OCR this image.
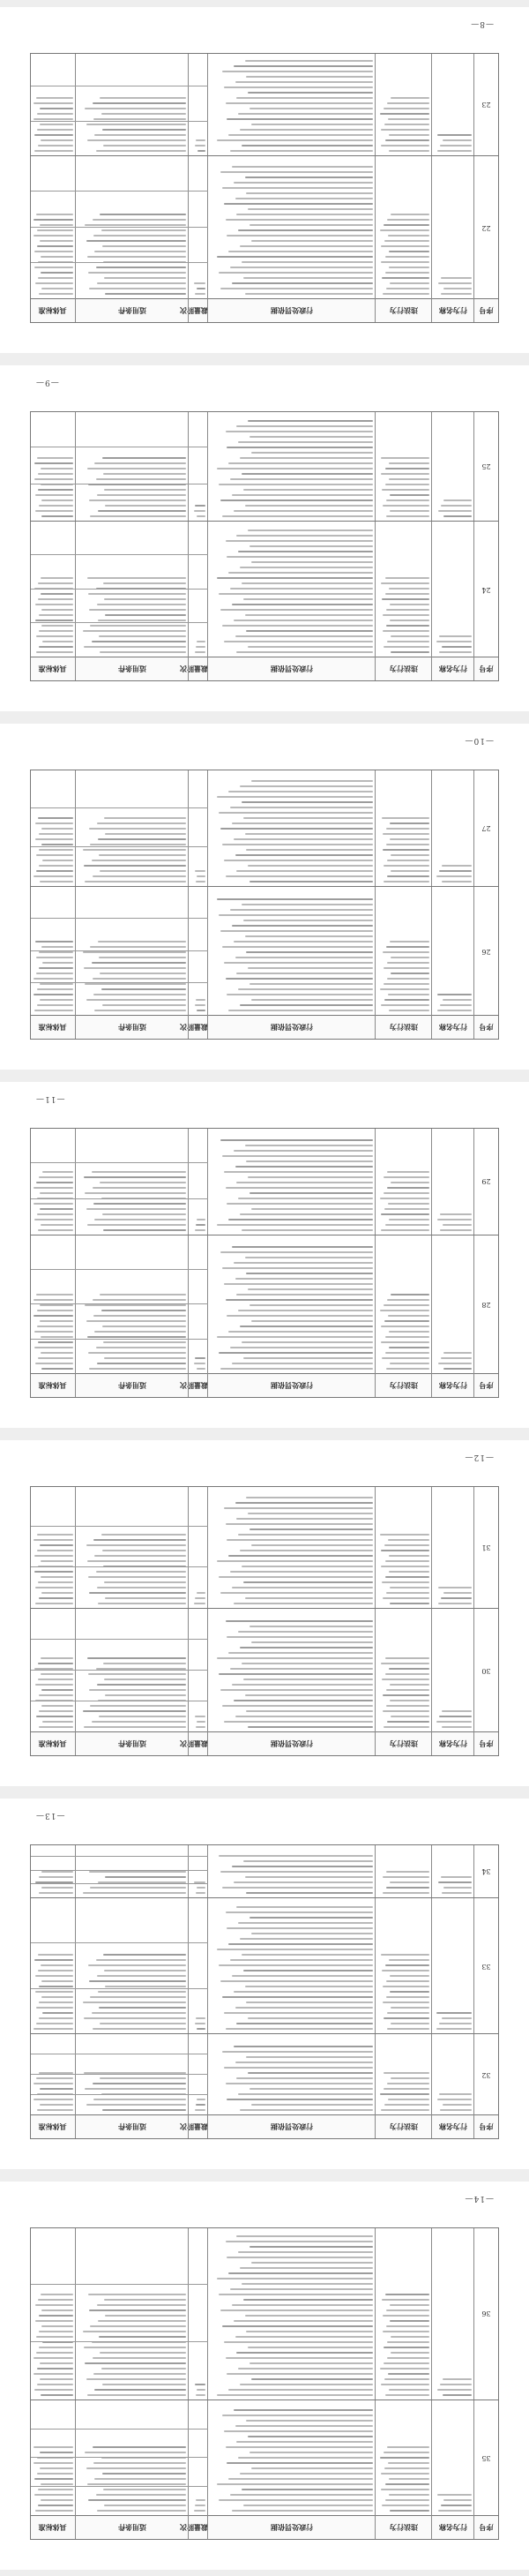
序号
行为名称
违法行为
行政处罚依据
裁量阶次
适用条件
具体标准
22
23
—8—
序号
行为名称
违法行为
行政处罚依据
裁量阶次
适用条件
具体标准
24
25
—9—
序号
行为名称
违法行为
行政处罚依据
裁量阶次
适用条件
具体标准
26
27
—10—
序号
行为名称
违法行为
行政处罚依据
裁量阶次
适用条件
具体标准
28
29
—11—
序号
行为名称
违法行为
行政处罚依据
裁量阶次
适用条件
具体标准
30
31
—12—
序号
行为名称
违法行为
行政处罚依据
裁量阶次
适用条件
具体标准
32
33
34
—13—
序号
行为名称
违法行为
行政处罚依据
裁量阶次
适用条件
具体标准
35
36
—14—
